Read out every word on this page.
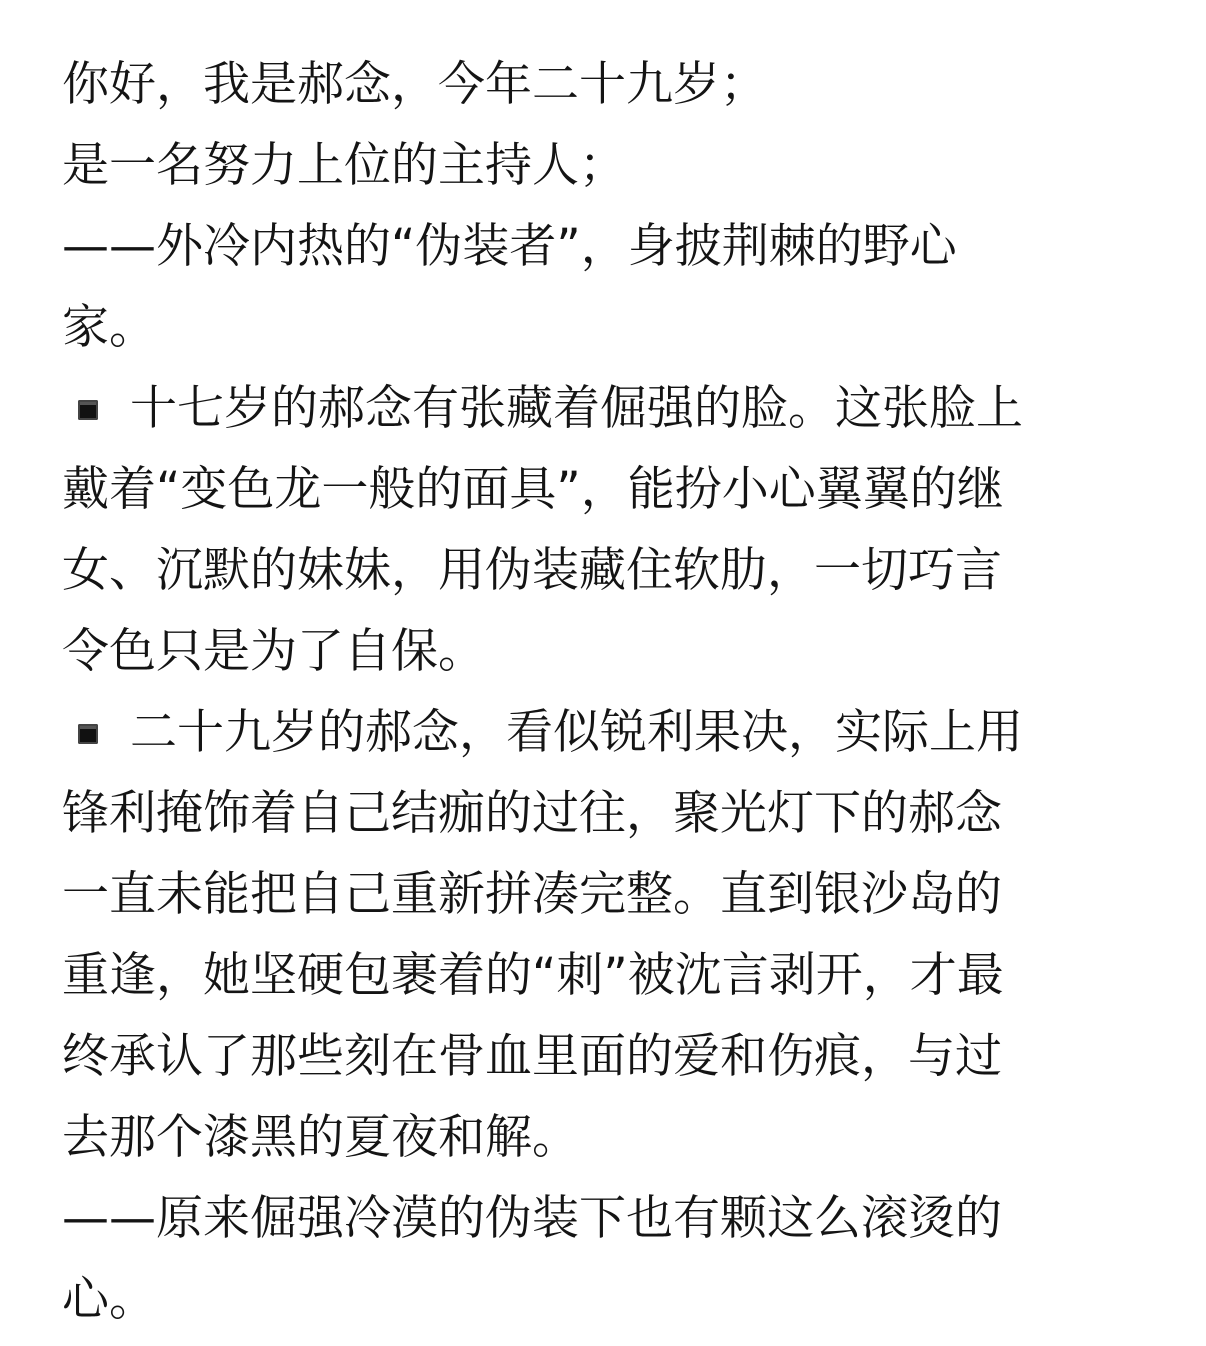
你好，我是郝念，今年二十九岁；
是一名努力上位的主持人；
——外冷内热的“伪装者”，身披荆棘的野心
家。
十七岁的郝念有张藏着倔强的脸。这张脸上
戴着“变色龙一般的面具”，能扮小心翼翼的继
女、沉默的妹妹，用伪装藏住软肋，一切巧言
令色只是为了自保。
二十九岁的郝念，看似锐利果决，实际上用
锋利掩饰着自己结痂的过往，聚光灯下的郝念
一直未能把自己重新拼凑完整。直到银沙岛的
重逢，她坚硬包裹着的“刺”被沈言剥开，才最
终承认了那些刻在骨血里面的爱和伤痕，与过
去那个漆黑的夏夜和解。
——原来倔强冷漠的伪装下也有颗这么滚烫的
心。
